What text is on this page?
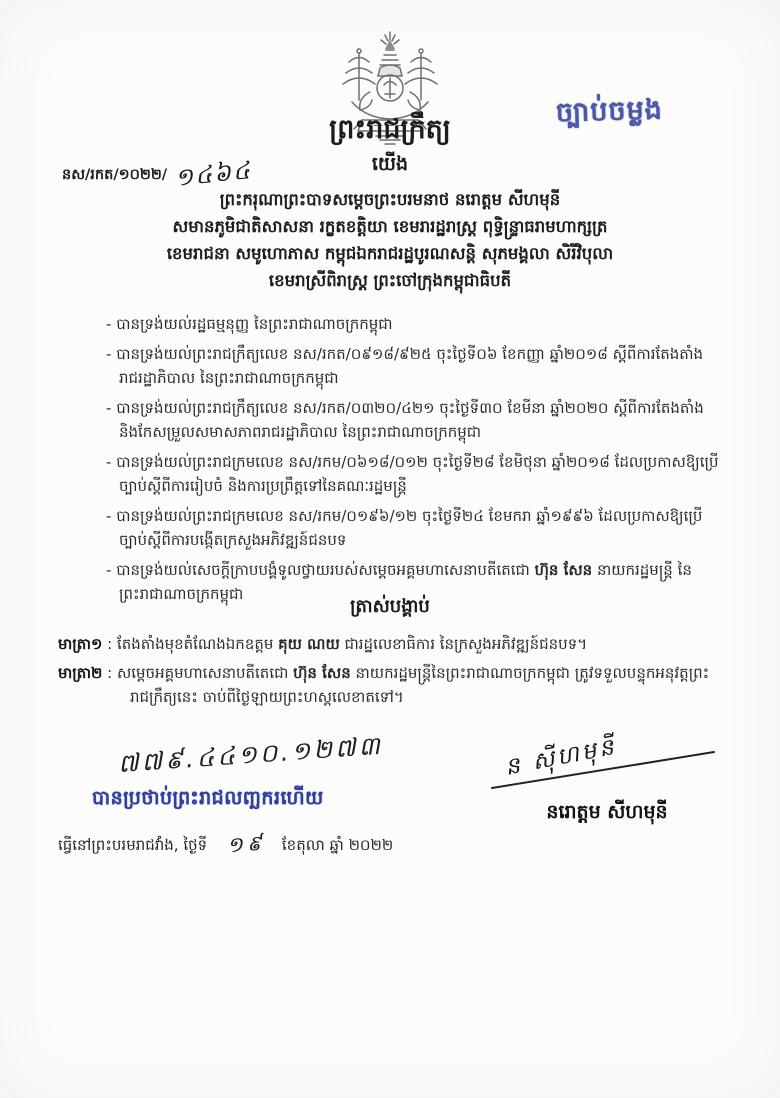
ច្បាប់ចម្លង
ព្រះរាជក្រឹត្យ
យើង
នស/រកត/១០២២/ ១៤៦៤
ព្រះករុណាព្រះបាទសម្តេចព្រះបរមនាថ នរោត្តម សីហមុនី
សមានភូមិជាតិសាសនា រក្ខតខត្តិយា ខេមរារដ្ឋរាស្ត្រ ពុទ្ធិន្ទ្រាធរាមហាក្សត្រ
ខេមរាជនា សមូហោភាស កម្ពុជឯករាជរដ្ឋបូរណសន្តិ សុភមង្គលា សិរីវិបុលា
ខេមរាស្រីពិរាស្ត្រ ព្រះចៅក្រុងកម្ពុជាធិបតី
- បានទ្រង់យល់រដ្ឋធម្មនុញ្ញ នៃព្រះរាជាណាចក្រកម្ពុជា
- បានទ្រង់យល់ព្រះរាជក្រឹត្យលេខ នស/រកត/០៩១៨/៩២៥ ចុះថ្ងៃទី០៦ ខែកញ្ញា ឆ្នាំ២០១៨ ស្តីពីការតែងតាំងរាជរដ្ឋាភិបាល នៃព្រះរាជាណាចក្រកម្ពុជា
- បានទ្រង់យល់ព្រះរាជក្រឹត្យលេខ នស/រកត/០៣២០/៤២១ ចុះថ្ងៃទី៣០ ខែមីនា ឆ្នាំ២០២០ ស្តីពីការតែងតាំង និងកែសម្រួលសមាសភាពរាជរដ្ឋាភិបាល នៃព្រះរាជាណាចក្រកម្ពុជា
- បានទ្រង់យល់ព្រះរាជក្រមលេខ នស/រកម/០៦១៨/០១២ ចុះថ្ងៃទី២៨ ខែមិថុនា ឆ្នាំ២០១៨ ដែលប្រកាសឱ្យប្រើច្បាប់ស្តីពីការរៀបចំ និងការប្រព្រឹត្តទៅនៃគណៈរដ្ឋមន្ត្រី
- បានទ្រង់យល់ព្រះរាជក្រមលេខ នស/រកម/០១៩៦/១២ ចុះថ្ងៃទី២៤ ខែមករា ឆ្នាំ១៩៩៦ ដែលប្រកាសឱ្យប្រើច្បាប់ស្តីពីការបង្កើតក្រសួងអភិវឌ្ឍន៍ជនបទ
- បានទ្រង់យល់សេចក្តីក្រាបបង្គំទូលថ្វាយរបស់សម្តេចអគ្គមហាសេនាបតីតេជោ ហ៊ុន សែន នាយករដ្ឋមន្ត្រី នៃព្រះរាជាណាចក្រកម្ពុជា
ត្រាស់បង្គាប់
មាត្រា១ : តែងតាំងមុខតំណែងឯកឧត្តម គុយ ណយ ជារដ្ឋលេខាធិការ នៃក្រសួងអភិវឌ្ឍន៍ជនបទ។
មាត្រា២ : សម្តេចអគ្គមហាសេនាបតីតេជោ ហ៊ុន សែន នាយករដ្ឋមន្ត្រីនៃព្រះរាជាណាចក្រកម្ពុជា ត្រូវទទួលបន្ទុកអនុវត្តព្រះរាជក្រឹត្យនេះ ចាប់ពីថ្ងៃឡាយព្រះហស្តលេខាតទៅ។
៧៧៩.៤៤១០.១២៧៣
បានប្រថាប់ព្រះរាជលញ្ឆករហើយ
ធ្វើនៅព្រះបរមរាជវាំង, ថ្ងៃទី ១៩ ខែតុលា ឆ្នាំ ២០២២
ន ស៊ីហមុនី
នរោត្តម សីហមុនី
